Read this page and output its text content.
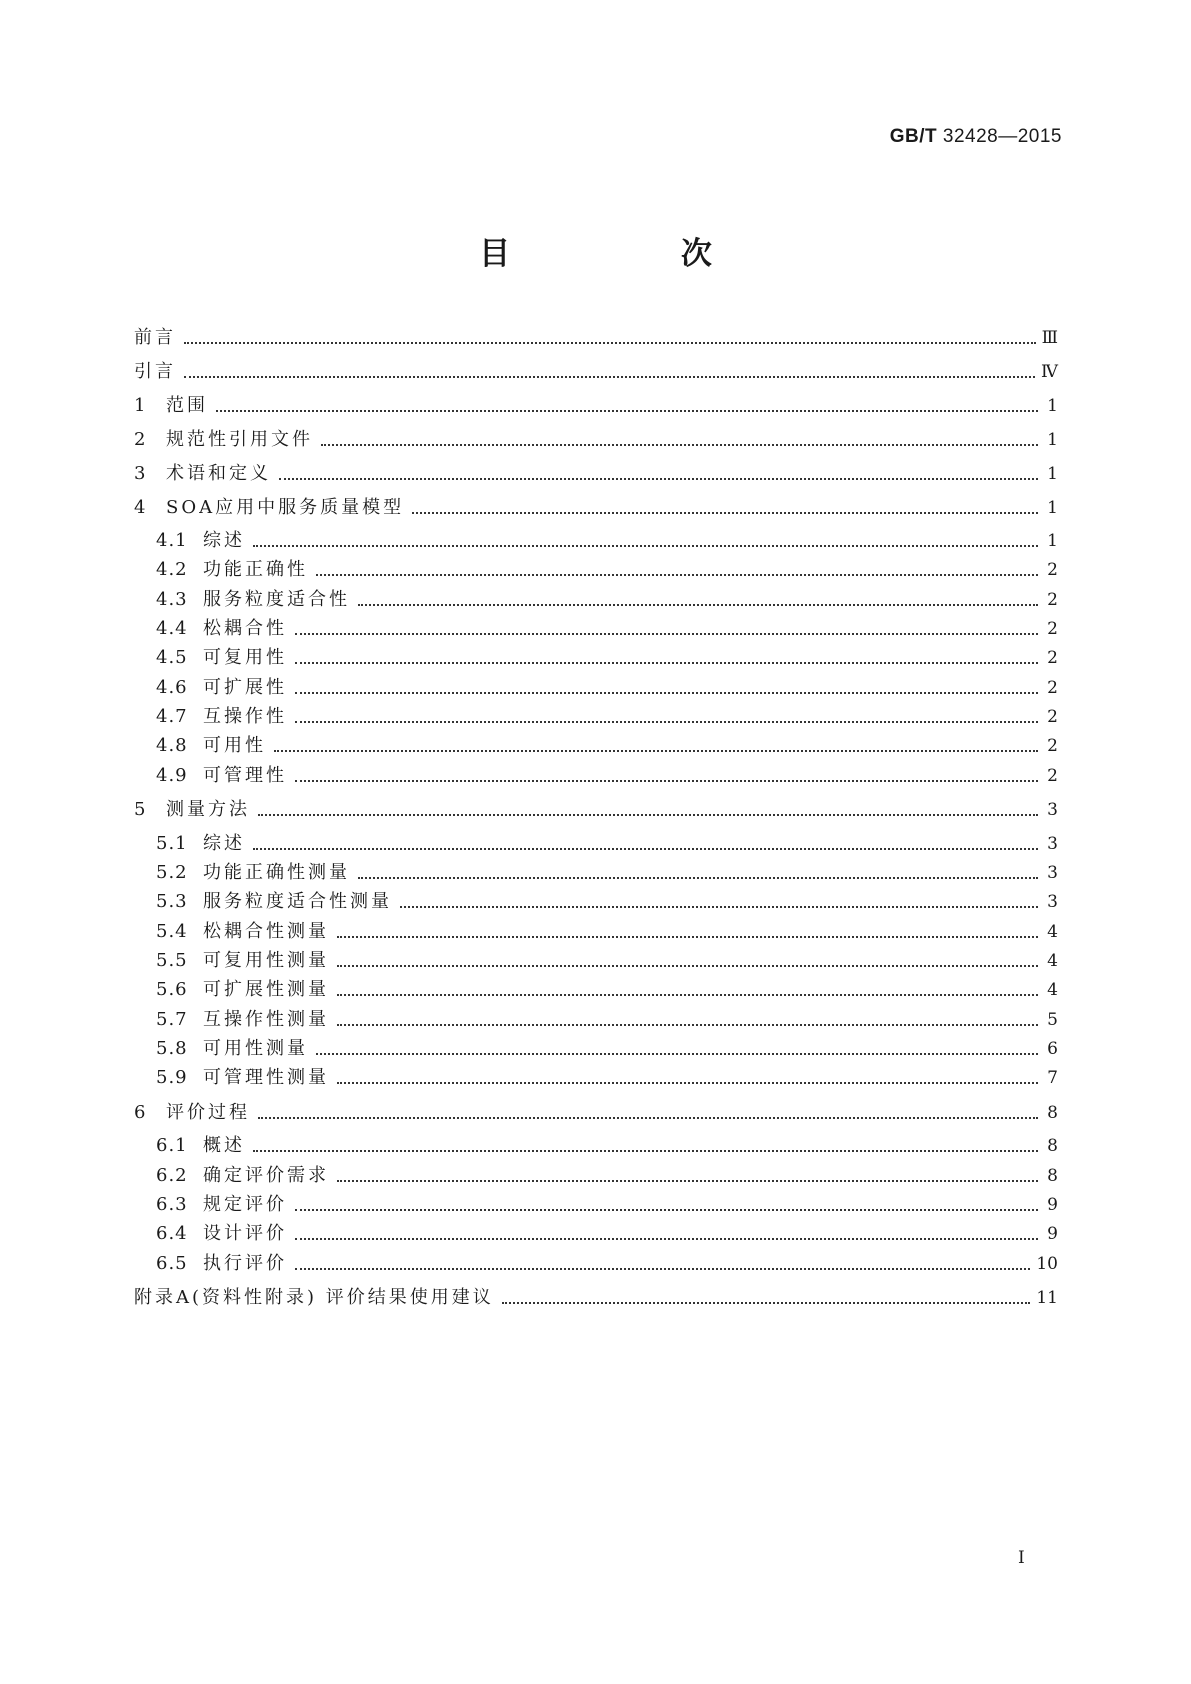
GB/T 32428—2015
目 次
前言	Ⅲ
引言	Ⅳ
1	范围	1
2	规范性引用文件	1
3	术语和定义	1
4	SOA应用中服务质量模型	1
4.1 综述	1
4.2 功能正确性	2
4.3 服务粒度适合性	2
4.4 松耦合性	2
4.5 可复用性	2
4.6 可扩展性	2
4.7 互操作性	2
4.8 可用性	2
4.9 可管理性	2
5	测量方法	3
5.1 综述	3
5.2 功能正确性测量	3
5.3 服务粒度适合性测量	3
5.4 松耦合性测量	4
5.5 可复用性测量	4
5.6 可扩展性测量	4
5.7 互操作性测量	5
5.8 可用性测量	6
5.9 可管理性测量	7
6	评价过程	8
6.1 概述	8
6.2 确定评价需求	8
6.3 规定评价	9
6.4 设计评价	9
6.5 执行评价	10
附录A(资料性附录) 评价结果使用建议	11
I
